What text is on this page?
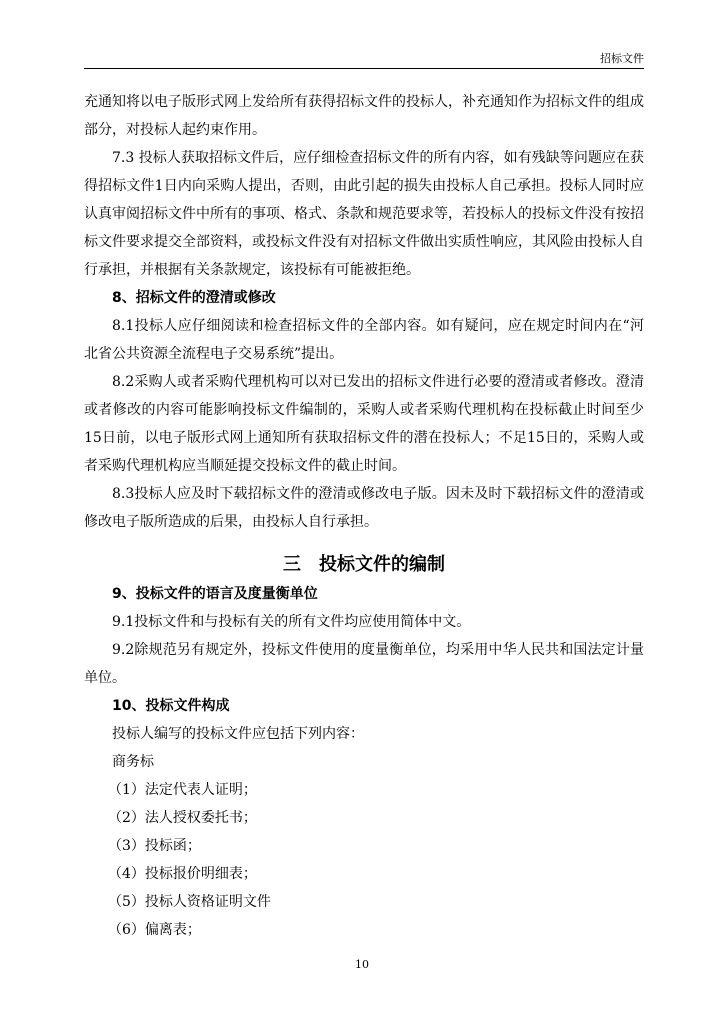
招标文件

充通知将以电子版形式网上发给所有获得招标文件的投标人，补充通知作为招标文件的组成部分，对投标人起约束作用。

7.3 投标人获取招标文件后，应仔细检查招标文件的所有内容，如有残缺等问题应在获得招标文件1日内向采购人提出，否则，由此引起的损失由投标人自己承担。投标人同时应认真审阅招标文件中所有的事项、格式、条款和规范要求等，若投标人的投标文件没有按招标文件要求提交全部资料，或投标文件没有对招标文件做出实质性响应，其风险由投标人自行承担，并根据有关条款规定，该投标有可能被拒绝。

8、招标文件的澄清或修改

8.1投标人应仔细阅读和检查招标文件的全部内容。如有疑问，应在规定时间内在“河北省公共资源全流程电子交易系统”提出。

8.2采购人或者采购代理机构可以对已发出的招标文件进行必要的澄清或者修改。澄清或者修改的内容可能影响投标文件编制的，采购人或者采购代理机构在投标截止时间至少15日前，以电子版形式网上通知所有获取招标文件的潜在投标人；不足15日的，采购人或者采购代理机构应当顺延提交投标文件的截止时间。

8.3投标人应及时下载招标文件的澄清或修改电子版。因未及时下载招标文件的澄清或修改电子版所造成的后果，由投标人自行承担。

三　投标文件的编制

9、投标文件的语言及度量衡单位

9.1投标文件和与投标有关的所有文件均应使用简体中文。

9.2除规范另有规定外，投标文件使用的度量衡单位，均采用中华人民共和国法定计量单位。

10、投标文件构成

投标人编写的投标文件应包括下列内容：

商务标

（1）法定代表人证明；

（2）法人授权委托书；

（3）投标函；

（4）投标报价明细表；

（5）投标人资格证明文件

（6）偏离表；

10
